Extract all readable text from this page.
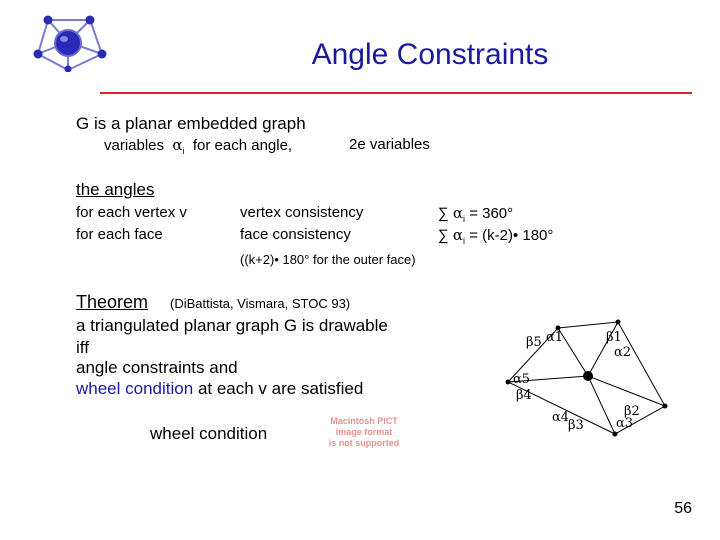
Angle Constraints
G is a planar embedded graph
variables $\alpha_i$ for each angle,	2e variables
the angles
for each vertex v	vertex consistency	∑ $\alpha_i = 360^\circ$
for each face	face consistency	∑ $\alpha_i$ = (k-2)• 180°
((k+2)• 180° for the outer face)
Theorem (DiBattista, Vismara, STOC 93)
a triangulated planar graph G is drawable
iff
angle constraints and
wheel condition at each v are satisfied
wheel condition
Macintosh PICT
image format
is not supported
β5 α1	β1
α2
α5
β4
α4
β3
β2
α3
56
